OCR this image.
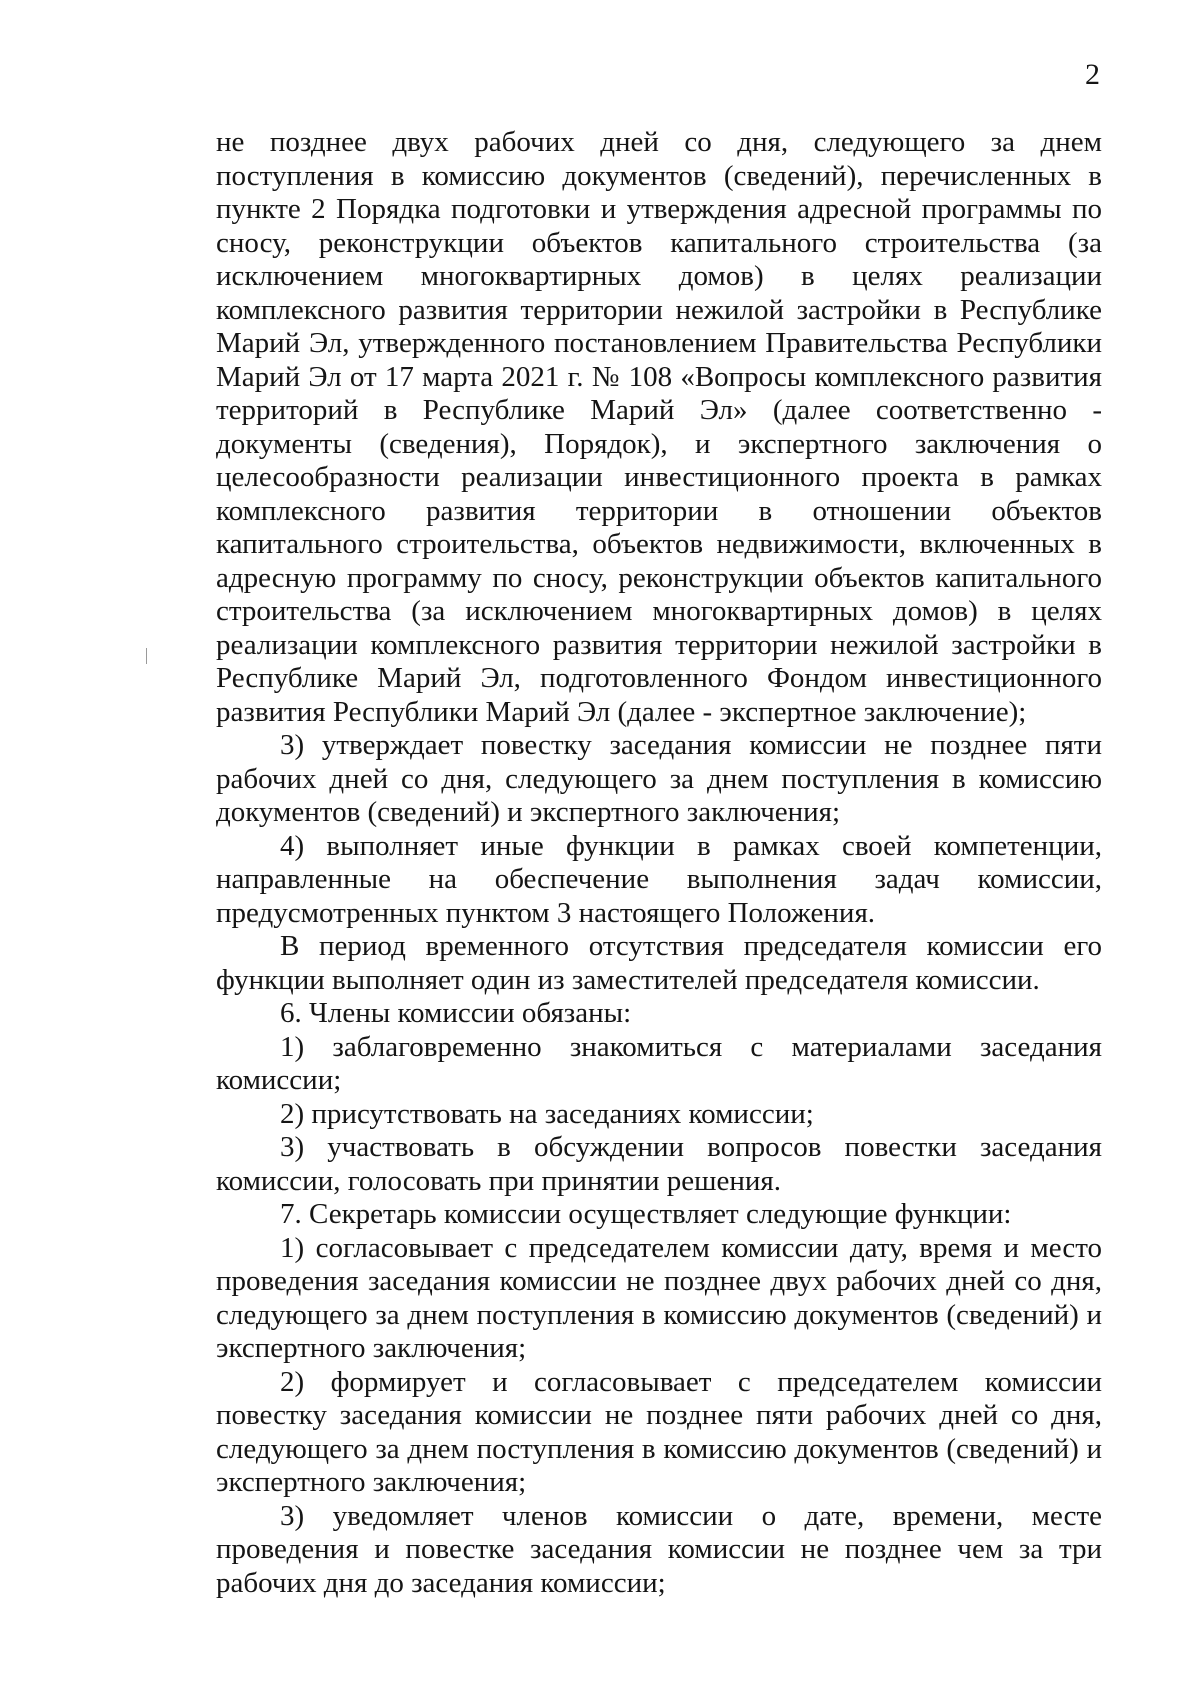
2

не позднее двух рабочих дней со дня, следующего за днем поступления в комиссию документов (сведений), перечисленных в пункте 2 Порядка подготовки и утверждения адресной программы по сносу, реконструкции объектов капитального строительства (за исключением многоквартирных домов) в целях реализации комплексного развития территории нежилой застройки в Республике Марий Эл, утвержденного постановлением Правительства Республики Марий Эл от 17 марта 2021 г. № 108 «Вопросы комплексного развития территорий в Республике Марий Эл» (далее соответственно - документы (сведения), Порядок), и экспертного заключения о целесообразности реализации инвестиционного проекта в рамках комплексного развития территории в отношении объектов капитального строительства, объектов недвижимости, включенных в адресную программу по сносу, реконструкции объектов капитального строительства (за исключением многоквартирных домов) в целях реализации комплексного развития территории нежилой застройки в Республике Марий Эл, подготовленного Фондом инвестиционного развития Республики Марий Эл (далее - экспертное заключение);

3) утверждает повестку заседания комиссии не позднее пяти рабочих дней со дня, следующего за днем поступления в комиссию документов (сведений) и экспертного заключения;

4) выполняет иные функции в рамках своей компетенции, направленные на обеспечение выполнения задач комиссии, предусмотренных пунктом 3 настоящего Положения.

В период временного отсутствия председателя комиссии его функции выполняет один из заместителей председателя комиссии.

6. Члены комиссии обязаны:

1) заблаговременно знакомиться с материалами заседания комиссии;

2) присутствовать на заседаниях комиссии;

3) участвовать в обсуждении вопросов повестки заседания комиссии, голосовать при принятии решения.

7. Секретарь комиссии осуществляет следующие функции:

1) согласовывает с председателем комиссии дату, время и место проведения заседания комиссии не позднее двух рабочих дней со дня, следующего за днем поступления в комиссию документов (сведений) и экспертного заключения;

2) формирует и согласовывает с председателем комиссии повестку заседания комиссии не позднее пяти рабочих дней со дня, следующего за днем поступления в комиссию документов (сведений) и экспертного заключения;

3) уведомляет членов комиссии о дате, времени, месте проведения и повестке заседания комиссии не позднее чем за три рабочих дня до заседания комиссии;
